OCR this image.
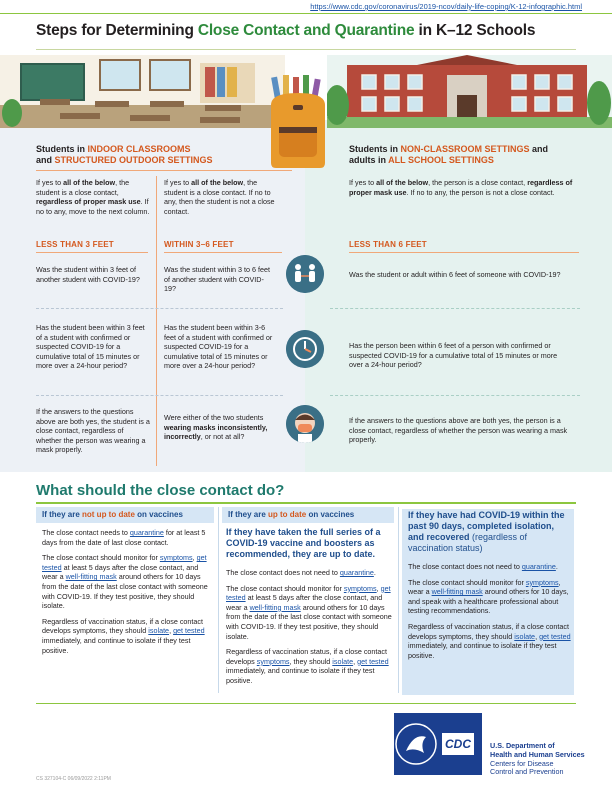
https://www.cdc.gov/coronavirus/2019-ncov/daily-life-coping/K-12-infographic.html
Steps for Determining Close Contact and Quarantine in K–12 Schools
Students in INDOOR CLASSROOMS
and STRUCTURED OUTDOOR SETTINGS
If yes to all of the below, the student is a close contact, regardless of proper mask use. If no to any, move to the next column.
LESS THAN 3 FEET
Was the student within 3 feet of another student with COVID-19?
Has the student been within 3 feet of a student with confirmed or suspected COVID-19 for a cumulative total of 15 minutes or more over a 24-hour period?
If the answers to the questions above are both yes, the student is a close contact, regardless of whether the person was wearing a mask properly.
If yes to all of the below, the student is a close contact. If no to any, then the student is not a close contact.
WITHIN 3–6 FEET
Was the student within 3 to 6 feet of another student with COVID-19?
Has the student been within 3-6 feet of a student with confirmed or suspected COVID-19 for a cumulative total of 15 minutes or more over a 24-hour period?
Were either of the two students wearing masks inconsistently, incorrectly, or not at all?
Students in NON-CLASSROOM SETTINGS and
adults in ALL SCHOOL SETTINGS
If yes to all of the below, the person is a close contact, regardless of proper mask use. If no to any, the person is not a close contact.
LESS THAN 6 FEET
Was the student or adult within 6 feet of someone with COVID-19?
Has the person been within 6 feet of a person with confirmed or suspected COVID-19 for a cumulative total of 15 minutes or more over a 24-hour period?
If the answers to the questions above are both yes, the person is a close contact, regardless of whether the person was wearing a mask properly.
What should the close contact do?
If they are not up to date on vaccines
The close contact needs to quarantine for at least 5 days from the date of last close contact.
The close contact should monitor for symptoms, get tested at least 5 days after the close contact, and wear a well-fitting mask around others for 10 days from the date of the last close contact with someone with COVID-19. If they test positive, they should isolate.
Regardless of vaccination status, if a close contact develops symptoms, they should isolate, get tested immediately, and continue to isolate if they test positive.
If they are up to date on vaccines
If they have taken the full series of a COVID-19 vaccine and boosters as recommended, they are up to date.
The close contact does not need to quarantine.
The close contact should monitor for symptoms, get tested at least 5 days after the close contact, and wear a well-fitting mask around others for 10 days from the date of the last close contact with someone with COVID-19. If they test positive, they should isolate.
Regardless of vaccination status, if a close contact develops symptoms, they should isolate, get tested immediately, and continue to isolate if they test positive.
If they have had COVID-19 within the past 90 days, completed isolation, and recovered (regardless of vaccination status)
The close contact does not need to quarantine.
The close contact should monitor for symptoms, wear a well-fitting mask around others for 10 days, and speak with a healthcare professional about testing recommendations.
Regardless of vaccination status, if a close contact develops symptoms, they should isolate, get tested immediately, and continue to isolate if they test positive.
CDC	U.S. Department of
Health and Human Services
Centers for Disease
Control and Prevention
CS 327104-C 06/09/2022 2:11PM
